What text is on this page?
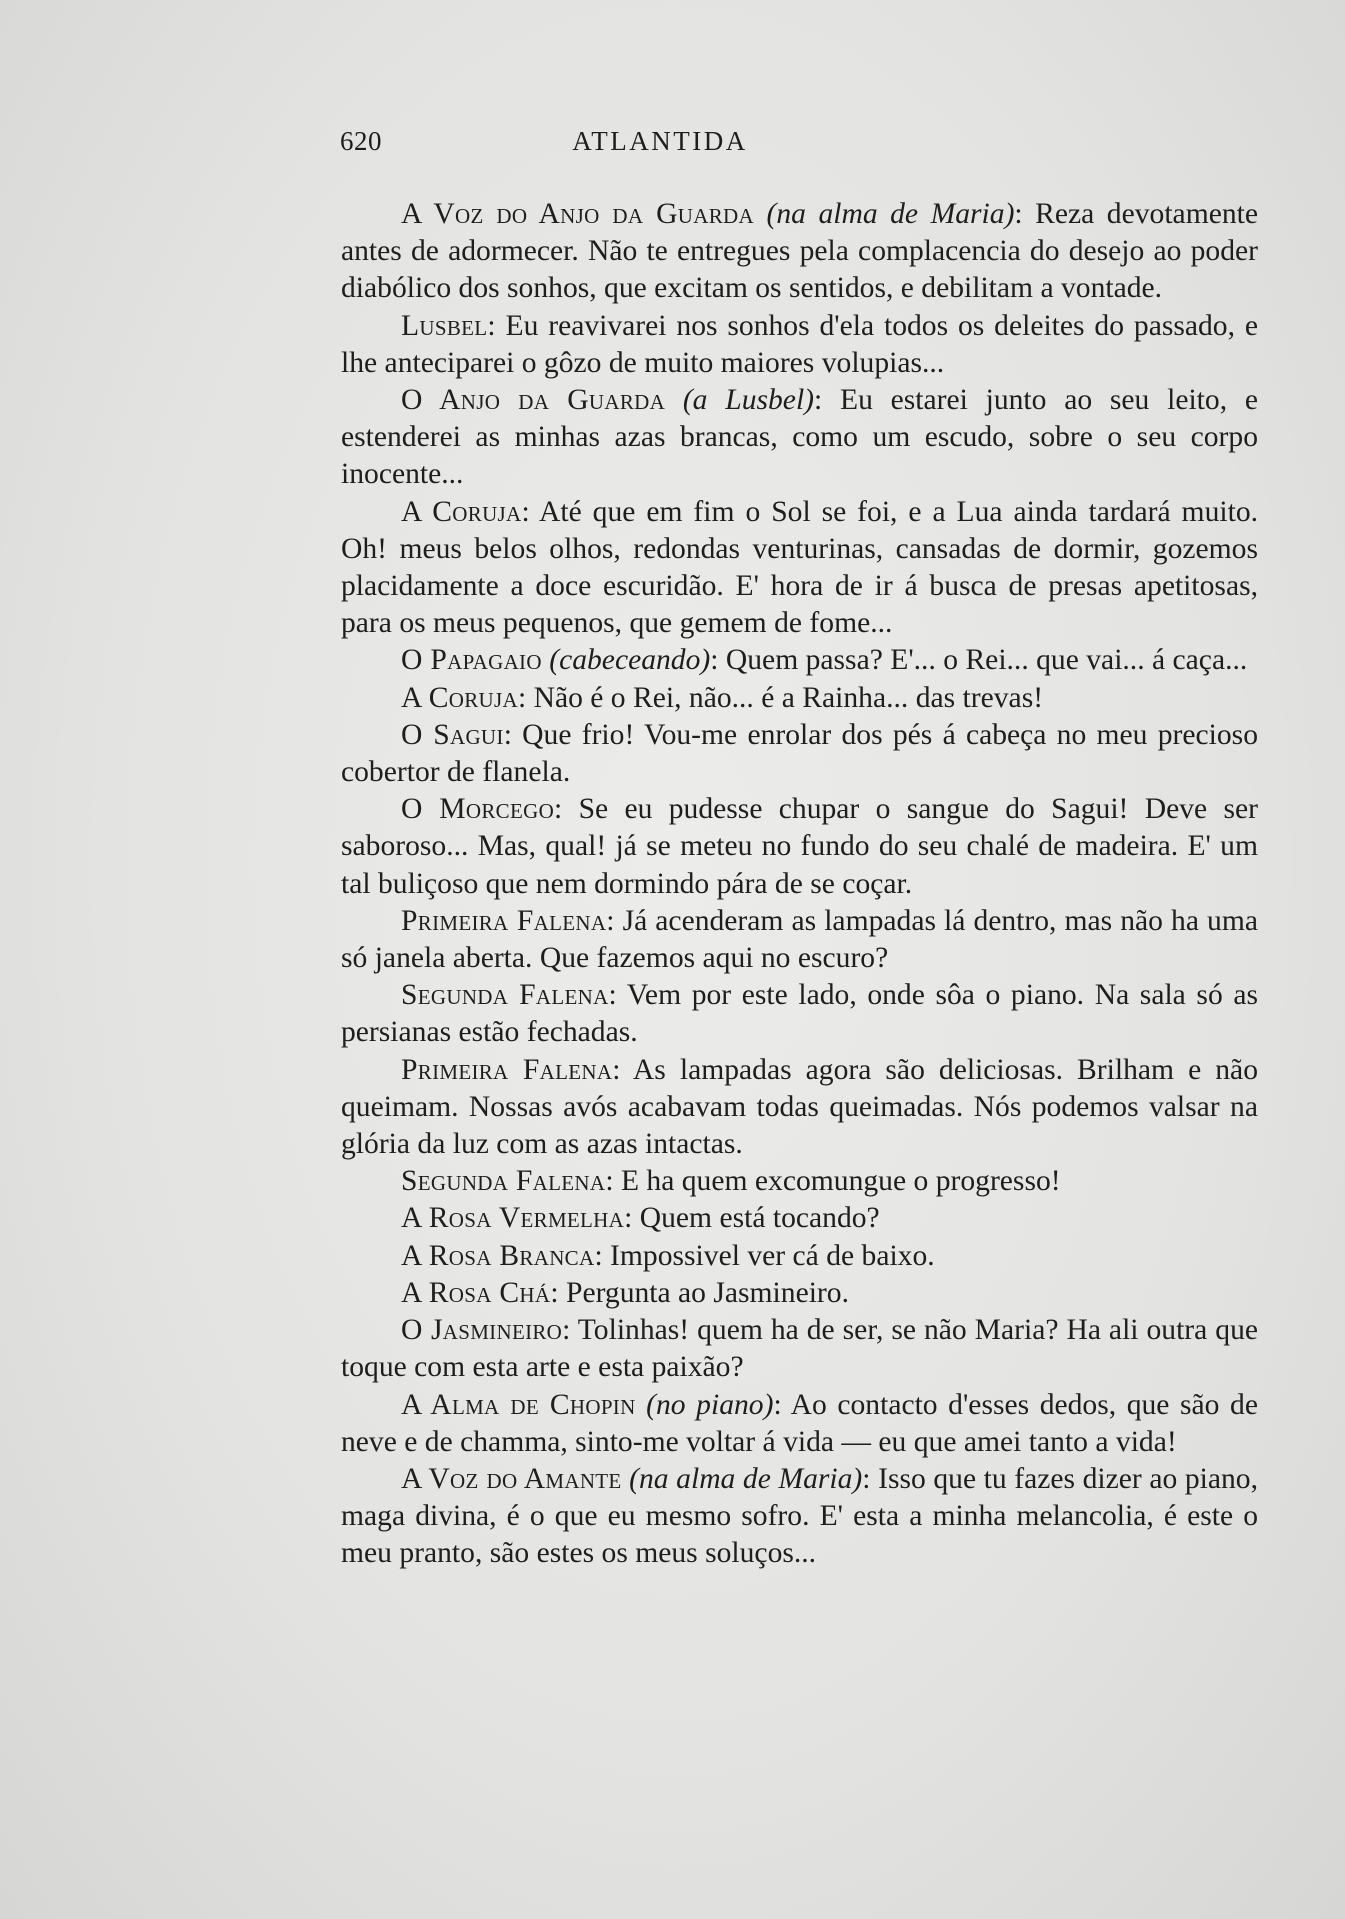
620	ATLANTIDA

A Voz do Anjo da Guarda (na alma de Maria): Reza devotamente antes de adormecer. Não te entregues pela complacencia do desejo ao poder diabólico dos sonhos, que excitam os sentidos, e debilitam a vontade.

Lusbel: Eu reavivarei nos sonhos d'ela todos os deleites do passado, e lhe anteciparei o gôzo de muito maiores volupias...

O Anjo da Guarda (a Lusbel): Eu estarei junto ao seu leito, e estenderei as minhas azas brancas, como um escudo, sobre o seu corpo inocente...

A Coruja: Até que em fim o Sol se foi, e a Lua ainda tardará muito. Oh! meus belos olhos, redondas venturinas, cansadas de dormir, gozemos placidamente a doce escuridão. E' hora de ir á busca de presas apetitosas, para os meus pequenos, que gemem de fome...

O Papagaio (cabeceando): Quem passa? E'... o Rei... que vai... á caça...

A Coruja: Não é o Rei, não... é a Rainha... das trevas!

O Sagui: Que frio! Vou-me enrolar dos pés á cabeça no meu precioso cobertor de flanela.

O Morcego: Se eu pudesse chupar o sangue do Sagui! Deve ser saboroso... Mas, qual! já se meteu no fundo do seu chalé de madeira. E' um tal buliçoso que nem dormindo pára de se coçar.

Primeira Falena: Já acenderam as lampadas lá dentro, mas não ha uma só janela aberta. Que fazemos aqui no escuro?

Segunda Falena: Vem por este lado, onde sôa o piano. Na sala só as persianas estão fechadas.

Primeira Falena: As lampadas agora são deliciosas. Brilham e não queimam. Nossas avós acabavam todas queimadas. Nós podemos valsar na glória da luz com as azas intactas.

Segunda Falena: E ha quem excomungue o progresso!

A Rosa Vermelha: Quem está tocando?

A Rosa Branca: Impossivel ver cá de baixo.

A Rosa Chá: Pergunta ao Jasmineiro.

O Jasmineiro: Tolinhas! quem ha de ser, se não Maria? Ha ali outra que toque com esta arte e esta paixão?

A Alma de Chopin (no piano): Ao contacto d'esses dedos, que são de neve e de chamma, sinto-me voltar á vida — eu que amei tanto a vida!

A Voz do Amante (na alma de Maria): Isso que tu fazes dizer ao piano, maga divina, é o que eu mesmo sofro. E' esta a minha melancolia, é este o meu pranto, são estes os meus soluços...
